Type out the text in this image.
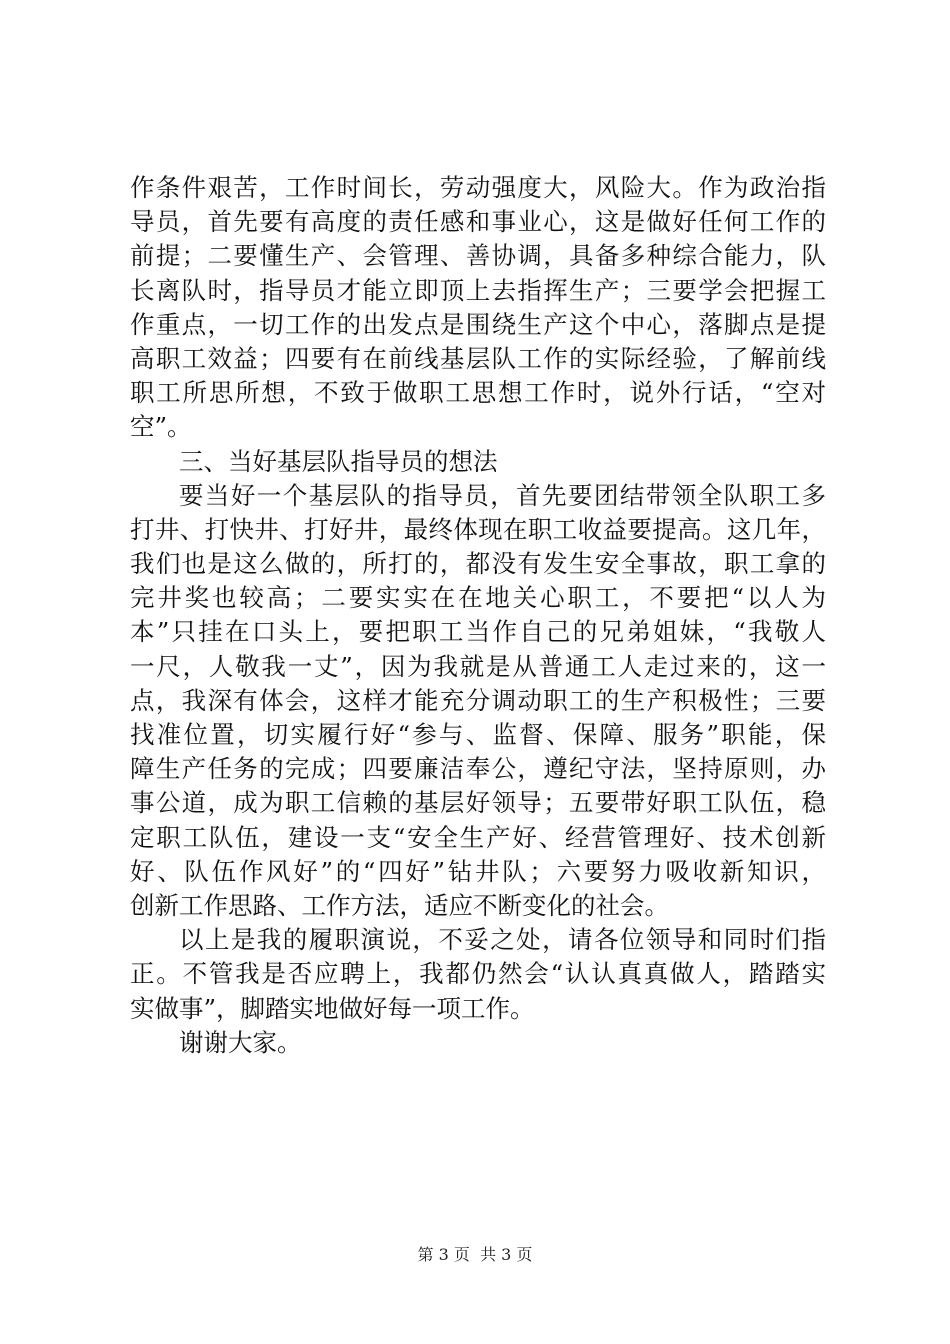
作条件艰苦，工作时间长，劳动强度大，风险大。作为政治指
导员，首先要有高度的责任感和事业心，这是做好任何工作的
前提；二要懂生产、会管理、善协调，具备多种综合能力，队
长离队时，指导员才能立即顶上去指挥生产；三要学会把握工
作重点，一切工作的出发点是围绕生产这个中心，落脚点是提
高职工效益；四要有在前线基层队工作的实际经验，了解前线
职工所思所想，不致于做职工思想工作时，说外行话，“空对
空”。
三、当好基层队指导员的想法
要当好一个基层队的指导员，首先要团结带领全队职工多
打井、打快井、打好井，最终体现在职工收益要提高。这几年，
我们也是这么做的，所打的，都没有发生安全事故，职工拿的
完井奖也较高；二要实实在在地关心职工，不要把“以人为
本”只挂在口头上，要把职工当作自己的兄弟姐妹，“我敬人
一尺，人敬我一丈”，因为我就是从普通工人走过来的，这一
点，我深有体会，这样才能充分调动职工的生产积极性；三要
找准位置，切实履行好“参与、监督、保障、服务”职能，保
障生产任务的完成；四要廉洁奉公，遵纪守法，坚持原则，办
事公道，成为职工信赖的基层好领导；五要带好职工队伍，稳
定职工队伍，建设一支“安全生产好、经营管理好、技术创新
好、队伍作风好”的“四好”钻井队；六要努力吸收新知识，
创新工作思路、工作方法，适应不断变化的社会。
以上是我的履职演说，不妥之处，请各位领导和同时们指
正。不管我是否应聘上，我都仍然会“认认真真做人，踏踏实
实做事”，脚踏实地做好每一项工作。
谢谢大家。
第 3 页  共 3 页
